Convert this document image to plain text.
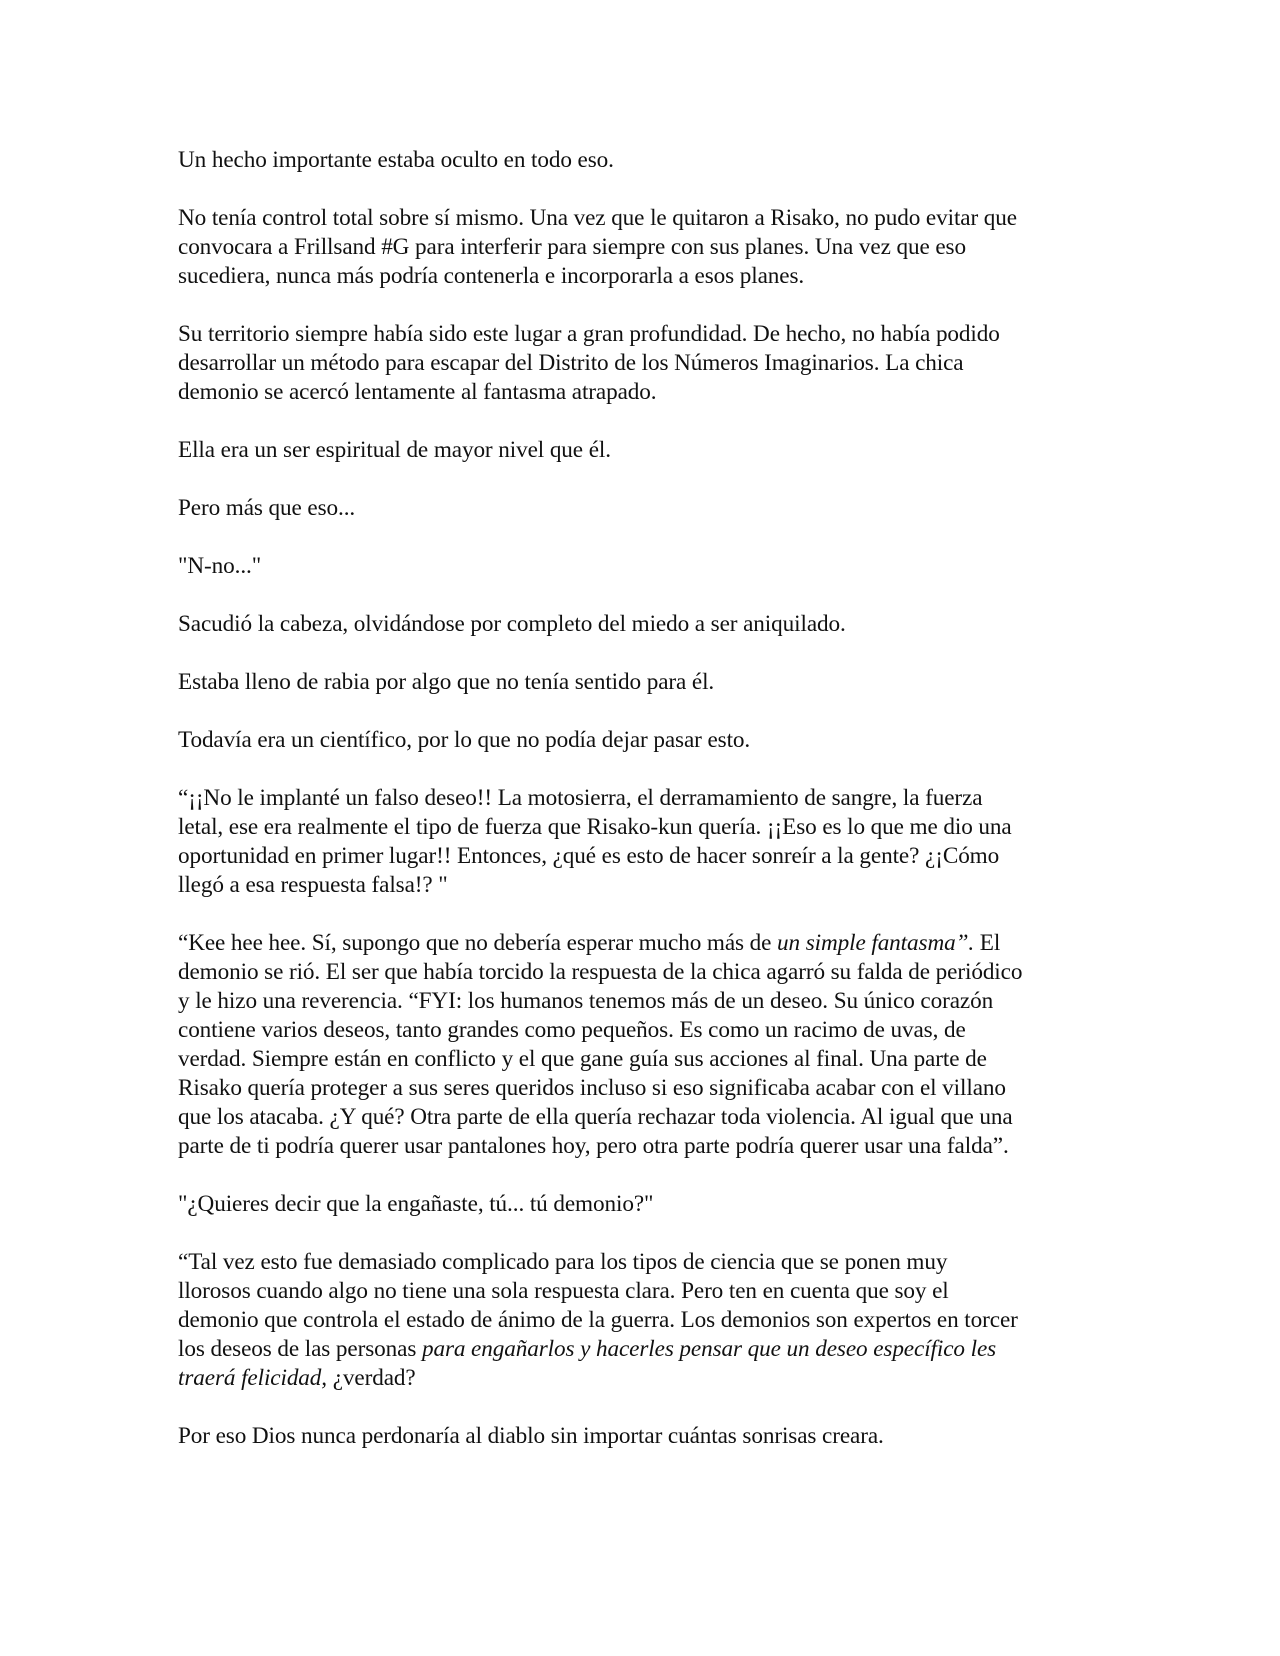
Un hecho importante estaba oculto en todo eso.

No tenía control total sobre sí mismo. Una vez que le quitaron a Risako, no pudo evitar que
convocara a Frillsand #G para interferir para siempre con sus planes. Una vez que eso
sucediera, nunca más podría contenerla e incorporarla a esos planes.

Su territorio siempre había sido este lugar a gran profundidad. De hecho, no había podido
desarrollar un método para escapar del Distrito de los Números Imaginarios. La chica
demonio se acercó lentamente al fantasma atrapado.

Ella era un ser espiritual de mayor nivel que él.

Pero más que eso...

"N-no..."

Sacudió la cabeza, olvidándose por completo del miedo a ser aniquilado.

Estaba lleno de rabia por algo que no tenía sentido para él.

Todavía era un científico, por lo que no podía dejar pasar esto.

“¡¡No le implanté un falso deseo!! La motosierra, el derramamiento de sangre, la fuerza
letal, ese era realmente el tipo de fuerza que Risako-kun quería. ¡¡Eso es lo que me dio una
oportunidad en primer lugar!! Entonces, ¿qué es esto de hacer sonreír a la gente? ¿¡Cómo
llegó a esa respuesta falsa!? "

“Kee hee hee. Sí, supongo que no debería esperar mucho más de un simple fantasma”. El
demonio se rió. El ser que había torcido la respuesta de la chica agarró su falda de periódico
y le hizo una reverencia. “FYI: los humanos tenemos más de un deseo. Su único corazón
contiene varios deseos, tanto grandes como pequeños. Es como un racimo de uvas, de
verdad. Siempre están en conflicto y el que gane guía sus acciones al final. Una parte de
Risako quería proteger a sus seres queridos incluso si eso significaba acabar con el villano
que los atacaba. ¿Y qué? Otra parte de ella quería rechazar toda violencia. Al igual que una
parte de ti podría querer usar pantalones hoy, pero otra parte podría querer usar una falda”.

"¿Quieres decir que la engañaste, tú... tú demonio?"

“Tal vez esto fue demasiado complicado para los tipos de ciencia que se ponen muy
llorosos cuando algo no tiene una sola respuesta clara. Pero ten en cuenta que soy el
demonio que controla el estado de ánimo de la guerra. Los demonios son expertos en torcer
los deseos de las personas para engañarlos y hacerles pensar que un deseo específico les
traerá felicidad, ¿verdad?

Por eso Dios nunca perdonaría al diablo sin importar cuántas sonrisas creara.
